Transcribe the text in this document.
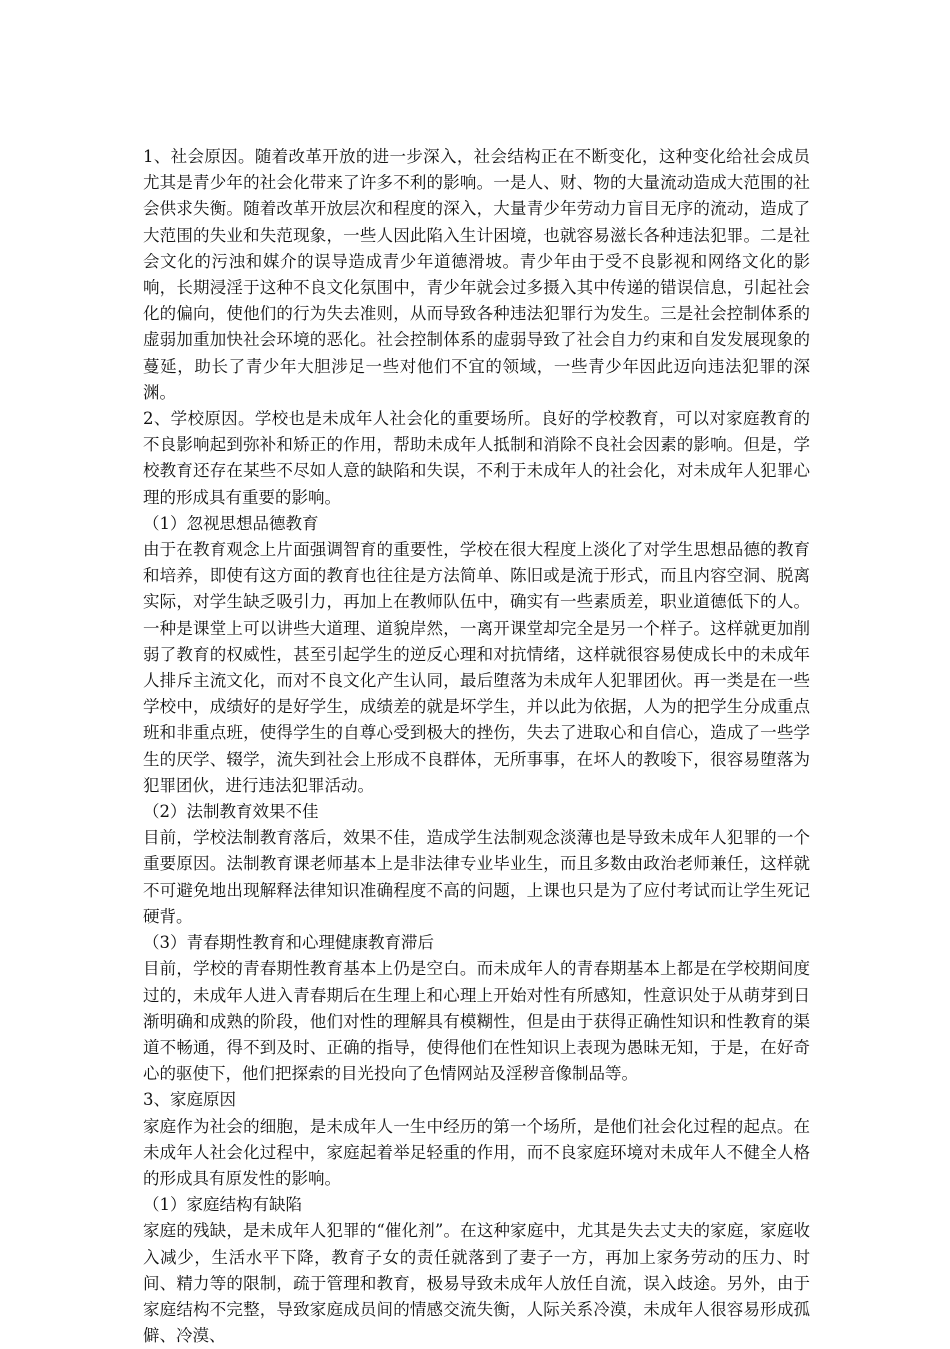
1、社会原因。随着改革开放的进一步深入，社会结构正在不断变化，这种变化给社会成员尤其是青少年的社会化带来了许多不利的影响。一是人、财、物的大量流动造成大范围的社会供求失衡。随着改革开放层次和程度的深入，大量青少年劳动力盲目无序的流动，造成了大范围的失业和失范现象，一些人因此陷入生计困境，也就容易滋长各种违法犯罪。二是社会文化的污浊和媒介的误导造成青少年道德滑坡。青少年由于受不良影视和网络文化的影响，长期浸淫于这种不良文化氛围中，青少年就会过多摄入其中传递的错误信息，引起社会化的偏向，使他们的行为失去准则，从而导致各种违法犯罪行为发生。三是社会控制体系的虚弱加重加快社会环境的恶化。社会控制体系的虚弱导致了社会自力约束和自发发展现象的蔓延，助长了青少年大胆涉足一些对他们不宜的领域，一些青少年因此迈向违法犯罪的深渊。

2、学校原因。学校也是未成年人社会化的重要场所。良好的学校教育，可以对家庭教育的不良影响起到弥补和矫正的作用，帮助未成年人抵制和消除不良社会因素的影响。但是，学校教育还存在某些不尽如人意的缺陷和失误，不利于未成年人的社会化，对未成年人犯罪心理的形成具有重要的影响。

（1）忽视思想品德教育

由于在教育观念上片面强调智育的重要性，学校在很大程度上淡化了对学生思想品德的教育和培养，即使有这方面的教育也往往是方法简单、陈旧或是流于形式，而且内容空洞、脱离实际，对学生缺乏吸引力，再加上在教师队伍中，确实有一些素质差，职业道德低下的人。一种是课堂上可以讲些大道理、道貌岸然，一离开课堂却完全是另一个样子。这样就更加削弱了教育的权威性，甚至引起学生的逆反心理和对抗情绪，这样就很容易使成长中的未成年人排斥主流文化，而对不良文化产生认同，最后堕落为未成年人犯罪团伙。再一类是在一些学校中，成绩好的是好学生，成绩差的就是坏学生，并以此为依据，人为的把学生分成重点班和非重点班，使得学生的自尊心受到极大的挫伤，失去了进取心和自信心，造成了一些学生的厌学、辍学，流失到社会上形成不良群体，无所事事，在坏人的教唆下，很容易堕落为犯罪团伙，进行违法犯罪活动。

（2）法制教育效果不佳

目前，学校法制教育落后，效果不佳，造成学生法制观念淡薄也是导致未成年人犯罪的一个重要原因。法制教育课老师基本上是非法律专业毕业生，而且多数由政治老师兼任，这样就不可避免地出现解释法律知识准确程度不高的问题，上课也只是为了应付考试而让学生死记硬背。

（3）青春期性教育和心理健康教育滞后

目前，学校的青春期性教育基本上仍是空白。而未成年人的青春期基本上都是在学校期间度过的，未成年人进入青春期后在生理上和心理上开始对性有所感知，性意识处于从萌芽到日渐明确和成熟的阶段，他们对性的理解具有模糊性，但是由于获得正确性知识和性教育的渠道不畅通，得不到及时、正确的指导，使得他们在性知识上表现为愚昧无知，于是，在好奇心的驱使下，他们把探索的目光投向了色情网站及淫秽音像制品等。

3、家庭原因

家庭作为社会的细胞，是未成年人一生中经历的第一个场所，是他们社会化过程的起点。在未成年人社会化过程中，家庭起着举足轻重的作用，而不良家庭环境对未成年人不健全人格的形成具有原发性的影响。

（1）家庭结构有缺陷

家庭的残缺，是未成年人犯罪的“催化剂”。在这种家庭中，尤其是失去丈夫的家庭，家庭收入减少，生活水平下降，教育子女的责任就落到了妻子一方，再加上家务劳动的压力、时间、精力等的限制，疏于管理和教育，极易导致未成年人放任自流，误入歧途。另外，由于家庭结构不完整，导致家庭成员间的情感交流失衡，人际关系冷漠，未成年人很容易形成孤僻、冷漠、
